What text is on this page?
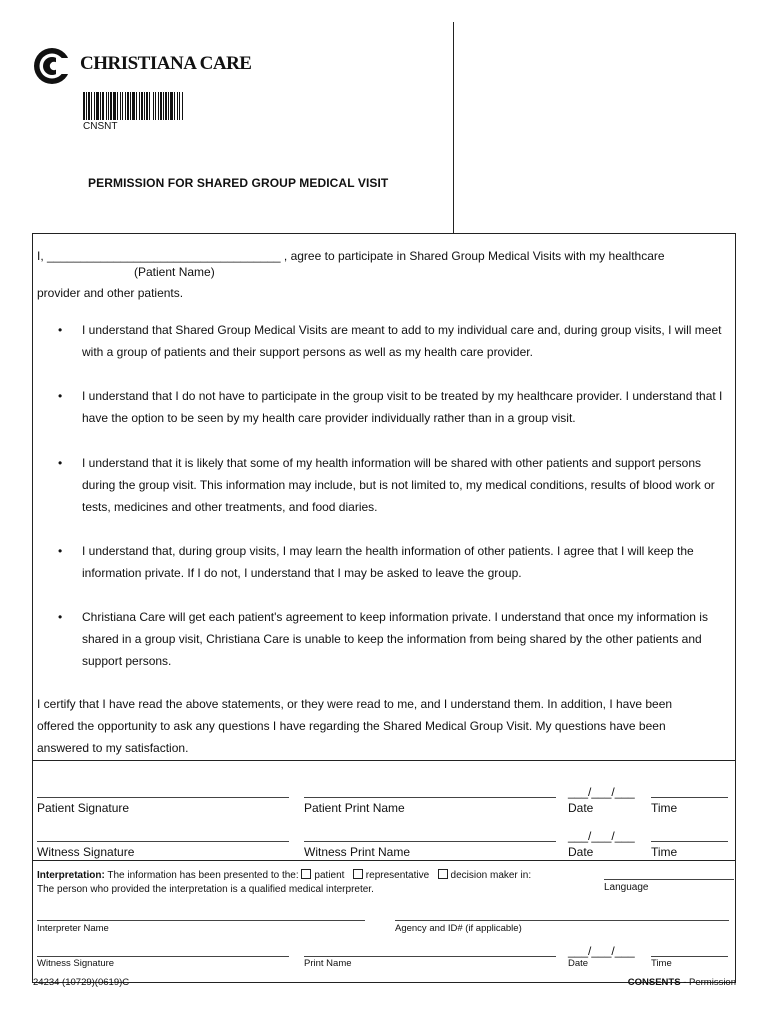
CHRISTIANA CARE
CNSNT
PERMISSION FOR SHARED GROUP MEDICAL VISIT
I, ___________________________________ , agree to participate in Shared Group Medical Visits with my healthcare
(Patient Name)
provider and other patients.
• I understand that Shared Group Medical Visits are meant to add to my individual care and, during group visits, I will meet with a group of patients and their support persons as well as my health care provider.
• I understand that I do not have to participate in the group visit to be treated by my healthcare provider. I understand that I have the option to be seen by my health care provider individually rather than in a group visit.
• I understand that it is likely that some of my health information will be shared with other patients and support persons during the group visit. This information may include, but is not limited to, my medical conditions, results of blood work or tests, medicines and other treatments, and food diaries.
• I understand that, during group visits, I may learn the health information of other patients. I agree that I will keep the information private. If I do not, I understand that I may be asked to leave the group.
• Christiana Care will get each patient's agreement to keep information private. I understand that once my information is shared in a group visit, Christiana Care is unable to keep the information from being shared by the other patients and support persons.
I certify that I have read the above statements, or they were read to me, and I understand them. In addition, I have been
offered the opportunity to ask any questions I have regarding the Shared Medical Group Visit. My questions have been
answered to my satisfaction.
___/___/___
Patient Signature	Patient Print Name	Date	Time
___/___/___
Witness Signature	Witness Print Name	Date	Time
Interpretation: The information has been presented to the: patient representative decision maker in:
The person who provided the interpretation is a qualified medical interpreter.	Language
Interpreter Name	Agency and ID# (if applicable)
___/___/___
Witness Signature	Print Name	Date	Time
24234 (10729)(0619)C	CONSENTS - Permission
